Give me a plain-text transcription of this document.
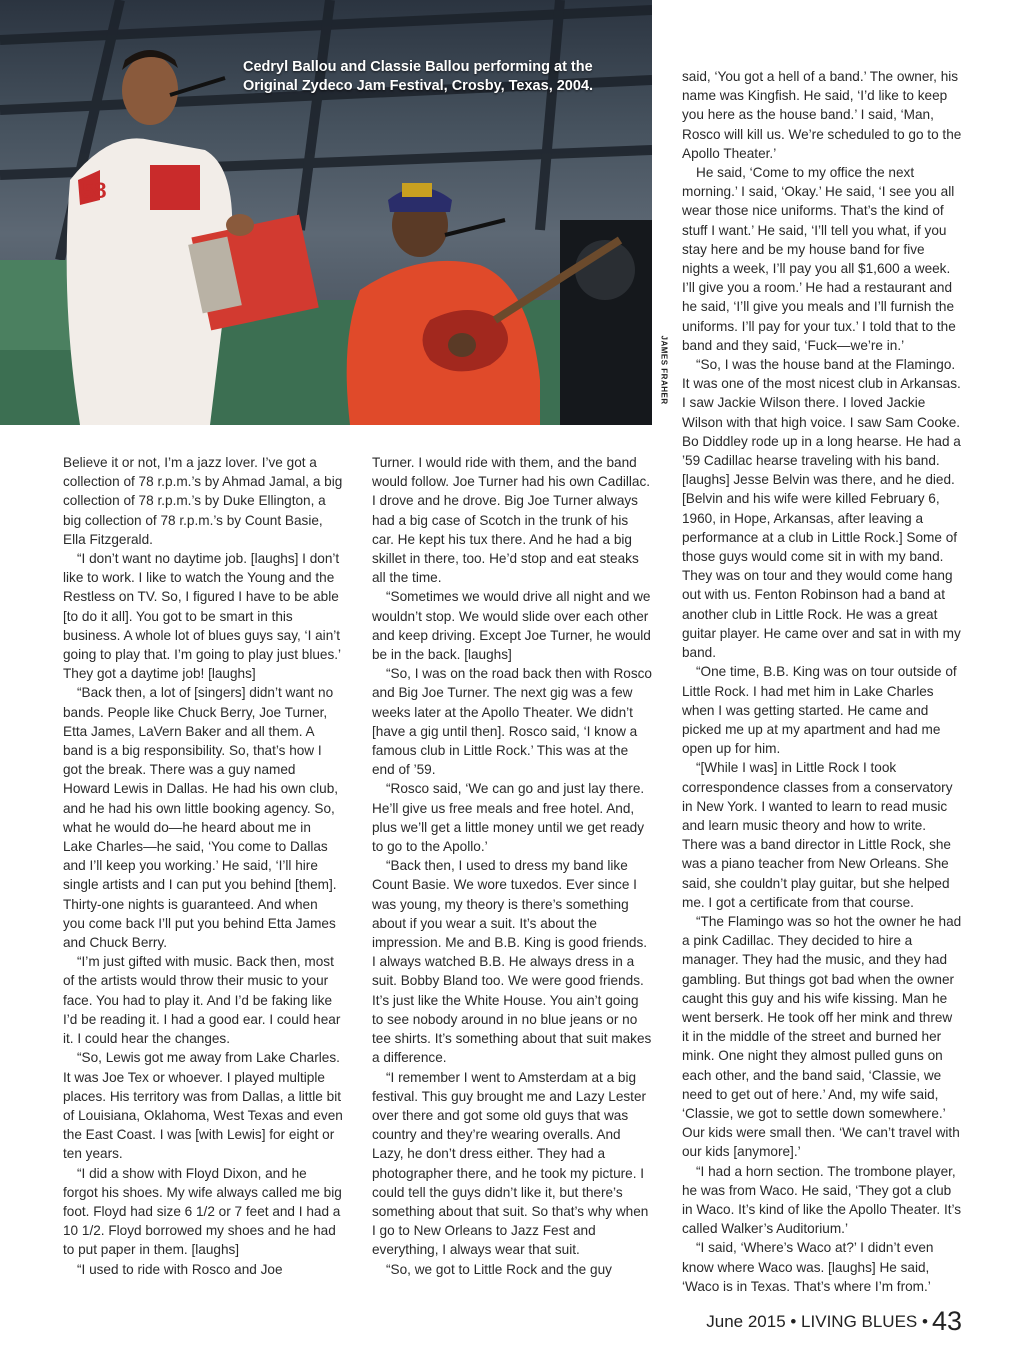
58
Cedryl Ballou and Classie Ballou performing at the Original Zydeco Jam Festival, Crosby, Texas, 2004.
JAMES FRAHER

Believe it or not, I’m a jazz lover. I’ve got a collection of 78 r.p.m.’s by Ahmad Jamal, a big collection of 78 r.p.m.’s by Duke Ellington, a big collection of 78 r.p.m.’s by Count Basie, Ella Fitzgerald.

“I don’t want no daytime job. [laughs] I don’t like to work. I like to watch the Young and the Restless on TV. So, I figured I have to be able [to do it all]. You got to be smart in this business. A whole lot of blues guys say, ‘I ain’t going to play that. I’m going to play just blues.’ They got a daytime job! [laughs]

“Back then, a lot of [singers] didn’t want no bands. People like Chuck Berry, Joe Turner, Etta James, LaVern Baker and all them. A band is a big responsibility. So, that’s how I got the break. There was a guy named Howard Lewis in Dallas. He had his own club, and he had his own little booking agency. So, what he would do—he heard about me in Lake Charles—he said, ‘You come to Dallas and I’ll keep you working.’ He said, ‘I’ll hire single artists and I can put you behind [them]. Thirty-one nights is guaranteed. And when you come back I’ll put you behind Etta James and Chuck Berry.

“I’m just gifted with music. Back then, most of the artists would throw their music to your face. You had to play it. And I’d be faking like I’d be reading it. I had a good ear. I could hear it. I could hear the changes.

“So, Lewis got me away from Lake Charles. It was Joe Tex or whoever. I played multiple places. His territory was from Dallas, a little bit of Louisiana, Oklahoma, West Texas and even the East Coast. I was [with Lewis] for eight or ten years.

“I did a show with Floyd Dixon, and he forgot his shoes. My wife always called me big foot. Floyd had size 6 1/2 or 7 feet and I had a 10 1/2. Floyd borrowed my shoes and he had to put paper in them. [laughs]

“I used to ride with Rosco and Joe

Turner. I would ride with them, and the band would follow. Joe Turner had his own Cadillac. I drove and he drove. Big Joe Turner always had a big case of Scotch in the trunk of his car. He kept his tux there. And he had a big skillet in there, too. He’d stop and eat steaks all the time.

“Sometimes we would drive all night and we wouldn’t stop. We would slide over each other and keep driving. Except Joe Turner, he would be in the back. [laughs]

“So, I was on the road back then with Rosco and Big Joe Turner. The next gig was a few weeks later at the Apollo Theater. We didn’t [have a gig until then]. Rosco said, ‘I know a famous club in Little Rock.’ This was at the end of ’59.

“Rosco said, ‘We can go and just lay there. He’ll give us free meals and free hotel. And, plus we’ll get a little money until we get ready to go to the Apollo.’

“Back then, I used to dress my band like Count Basie. We wore tuxedos. Ever since I was young, my theory is there’s something about if you wear a suit. It’s about the impression. Me and B.B. King is good friends. I always watched B.B. He always dress in a suit. Bobby Bland too. We were good friends. It’s just like the White House. You ain’t going to see nobody around in no blue jeans or no tee shirts. It’s something about that suit makes a difference.

“I remember I went to Amsterdam at a big festival. This guy brought me and Lazy Lester over there and got some old guys that was country and they’re wearing overalls. And Lazy, he don’t dress either. They had a photographer there, and he took my picture. I could tell the guys didn’t like it, but there’s something about that suit. So that’s why when I go to New Orleans to Jazz Fest and everything, I always wear that suit.

“So, we got to Little Rock and the guy

said, ‘You got a hell of a band.’ The owner, his name was Kingfish. He said, ‘I’d like to keep you here as the house band.’ I said, ‘Man, Rosco will kill us. We’re scheduled to go to the Apollo Theater.’

He said, ‘Come to my office the next morning.’ I said, ‘Okay.’ He said, ‘I see you all wear those nice uniforms. That’s the kind of stuff I want.’ He said, ‘I’ll tell you what, if you stay here and be my house band for five nights a week, I’ll pay you all $1,600 a week. I’ll give you a room.’ He had a restaurant and he said, ‘I’ll give you meals and I’ll furnish the uniforms. I’ll pay for your tux.’ I told that to the band and they said, ‘Fuck—we’re in.’

“So, I was the house band at the Flamingo. It was one of the most nicest club in Arkansas. I saw Jackie Wilson there. I loved Jackie Wilson with that high voice. I saw Sam Cooke. Bo Diddley rode up in a long hearse. He had a ’59 Cadillac hearse traveling with his band. [laughs] Jesse Belvin was there, and he died. [Belvin and his wife were killed February 6, 1960, in Hope, Arkansas, after leaving a performance at a club in Little Rock.] Some of those guys would come sit in with my band. They was on tour and they would come hang out with us. Fenton Robinson had a band at another club in Little Rock. He was a great guitar player. He came over and sat in with my band.

“One time, B.B. King was on tour outside of Little Rock. I had met him in Lake Charles when I was getting started. He came and picked me up at my apartment and had me open up for him.

“[While I was] in Little Rock I took correspondence classes from a conservatory in New York. I wanted to learn to read music and learn music theory and how to write. There was a band director in Little Rock, she was a piano teacher from New Orleans. She said, she couldn’t play guitar, but she helped me. I got a certificate from that course.

“The Flamingo was so hot the owner he had a pink Cadillac. They decided to hire a manager. They had the music, and they had gambling. But things got bad when the owner caught this guy and his wife kissing. Man he went berserk. He took off her mink and threw it in the middle of the street and burned her mink. One night they almost pulled guns on each other, and the band said, ‘Classie, we need to get out of here.’ And, my wife said, ‘Classie, we got to settle down somewhere.’ Our kids were small then. ‘We can’t travel with our kids [anymore].’

“I had a horn section. The trombone player, he was from Waco. He said, ‘They got a club in Waco. It’s kind of like the Apollo Theater. It’s called Walker’s Auditorium.’

“I said, ‘Where’s Waco at?’ I didn’t even know where Waco was. [laughs] He said, ‘Waco is in Texas. That’s where I’m from.’

June 2015 • LIVING BLUES • 43
